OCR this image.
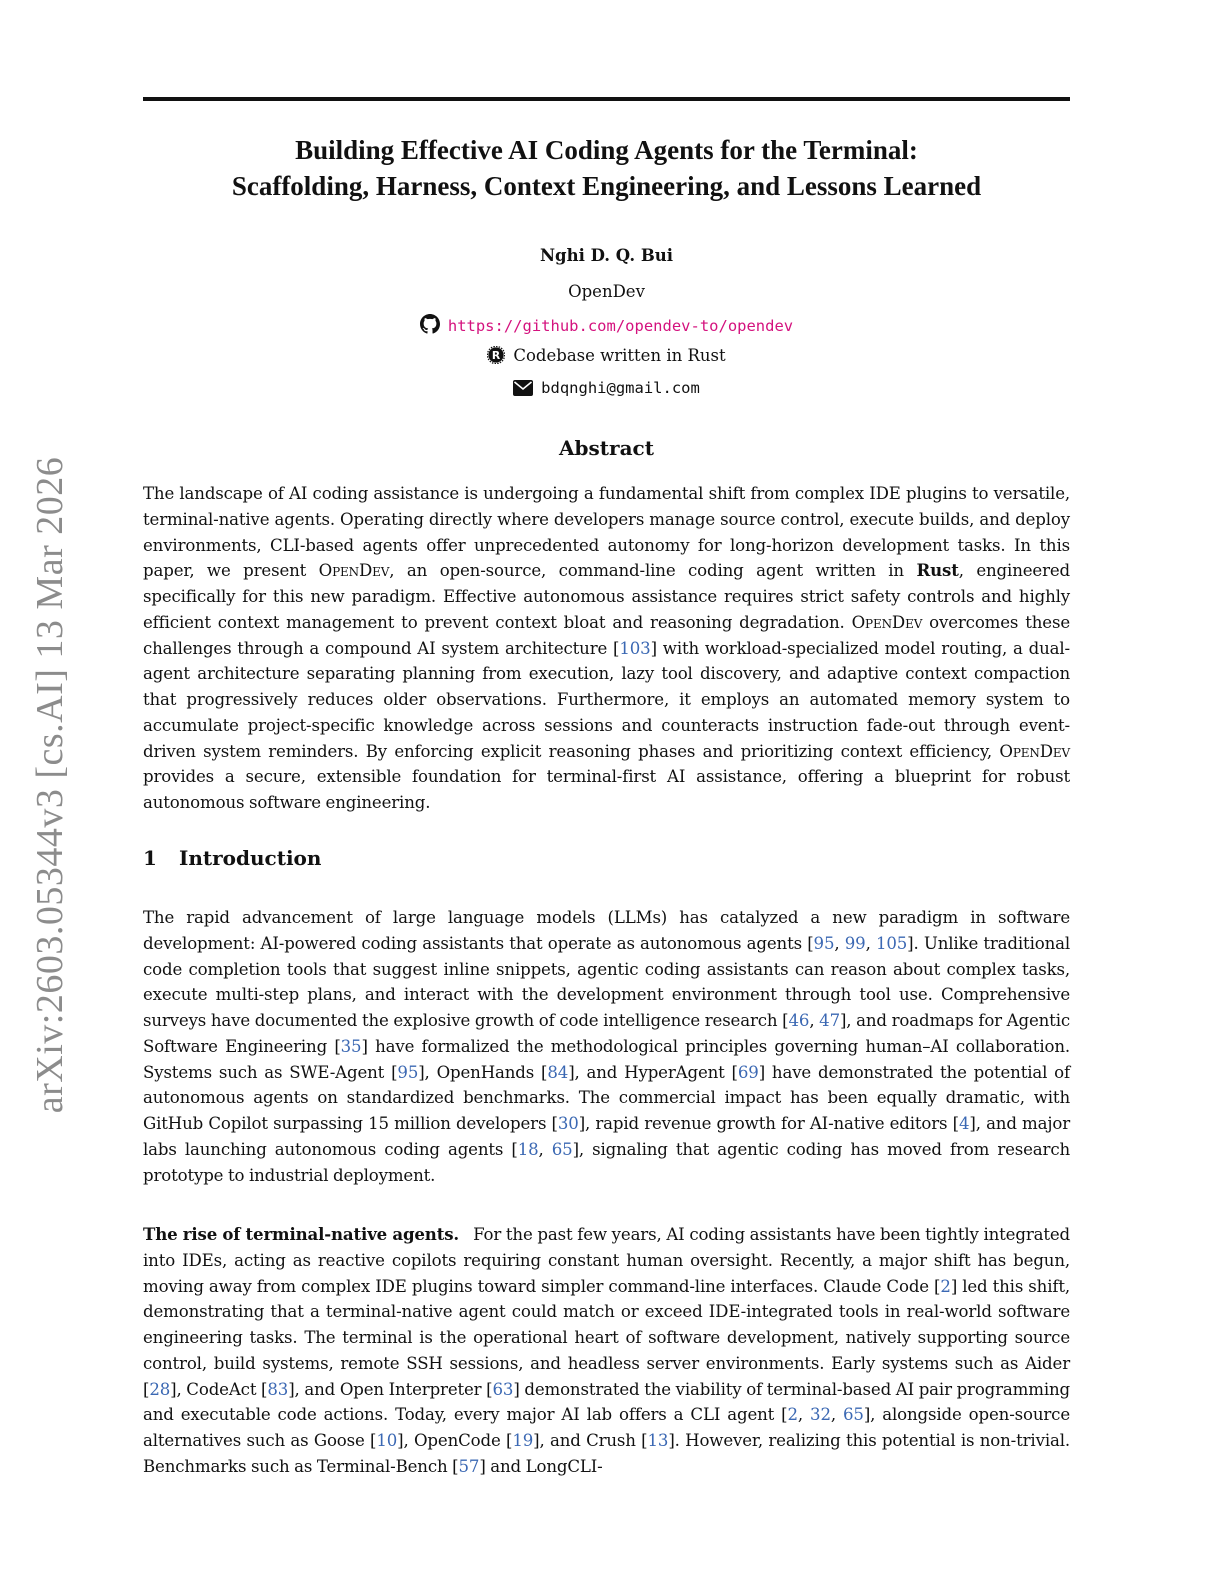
arXiv:2603.05344v3 [cs.AI] 13 Mar 2026
Building Effective AI Coding Agents for the Terminal:
Scaffolding, Harness, Context Engineering, and Lessons Learned
Nghi D. Q. Bui
OpenDev
https://github.com/opendev-to/opendev
R Codebase written in Rust
bdqnghi@gmail.com
Abstract

The landscape of AI coding assistance is undergoing a fundamental shift from complex IDE plugins to versatile, terminal-native agents. Operating directly where developers manage source control, execute builds, and deploy environments, CLI-based agents offer unprecedented autonomy for long-horizon development tasks. In this paper, we present OpenDev, an open-source, command-line coding agent written in Rust, engineered specifically for this new paradigm. Effective autonomous assistance requires strict safety controls and highly efficient context management to prevent context bloat and reasoning degradation. OpenDev overcomes these challenges through a compound AI system architecture [103] with workload-specialized model routing, a dual-agent architecture separating planning from execution, lazy tool discovery, and adaptive context compaction that progressively reduces older observations. Furthermore, it employs an automated memory system to accumulate project-specific knowledge across sessions and counteracts instruction fade-out through event-driven system reminders. By enforcing explicit reasoning phases and prioritizing context efficiency, OpenDev provides a secure, extensible foundation for terminal-first AI assistance, offering a blueprint for robust autonomous software engineering.

1 Introduction

The rapid advancement of large language models (LLMs) has catalyzed a new paradigm in software development: AI-powered coding assistants that operate as autonomous agents [95, 99, 105]. Unlike traditional code completion tools that suggest inline snippets, agentic coding assistants can reason about complex tasks, execute multi-step plans, and interact with the development environment through tool use. Comprehensive surveys have documented the explosive growth of code intelligence research [46, 47], and roadmaps for Agentic Software Engineering [35] have formalized the methodological principles governing human–AI collaboration. Systems such as SWE-Agent [95], OpenHands [84], and HyperAgent [69] have demonstrated the potential of autonomous agents on standardized benchmarks. The commercial impact has been equally dramatic, with GitHub Copilot surpassing 15 million developers [30], rapid revenue growth for AI-native editors [4], and major labs launching autonomous coding agents [18, 65], signaling that agentic coding has moved from research prototype to industrial deployment.

The rise of terminal-native agents. For the past few years, AI coding assistants have been tightly integrated into IDEs, acting as reactive copilots requiring constant human oversight. Recently, a major shift has begun, moving away from complex IDE plugins toward simpler command-line interfaces. Claude Code [2] led this shift, demonstrating that a terminal-native agent could match or exceed IDE-integrated tools in real-world software engineering tasks. The terminal is the operational heart of software development, natively supporting source control, build systems, remote SSH sessions, and headless server environments. Early systems such as Aider [28], CodeAct [83], and Open Interpreter [63] demonstrated the viability of terminal-based AI pair programming and executable code actions. Today, every major AI lab offers a CLI agent [2, 32, 65], alongside open-source alternatives such as Goose [10], OpenCode [19], and Crush [13]. However, realizing this potential is non-trivial. Benchmarks such as Terminal-Bench [57] and LongCLI-
